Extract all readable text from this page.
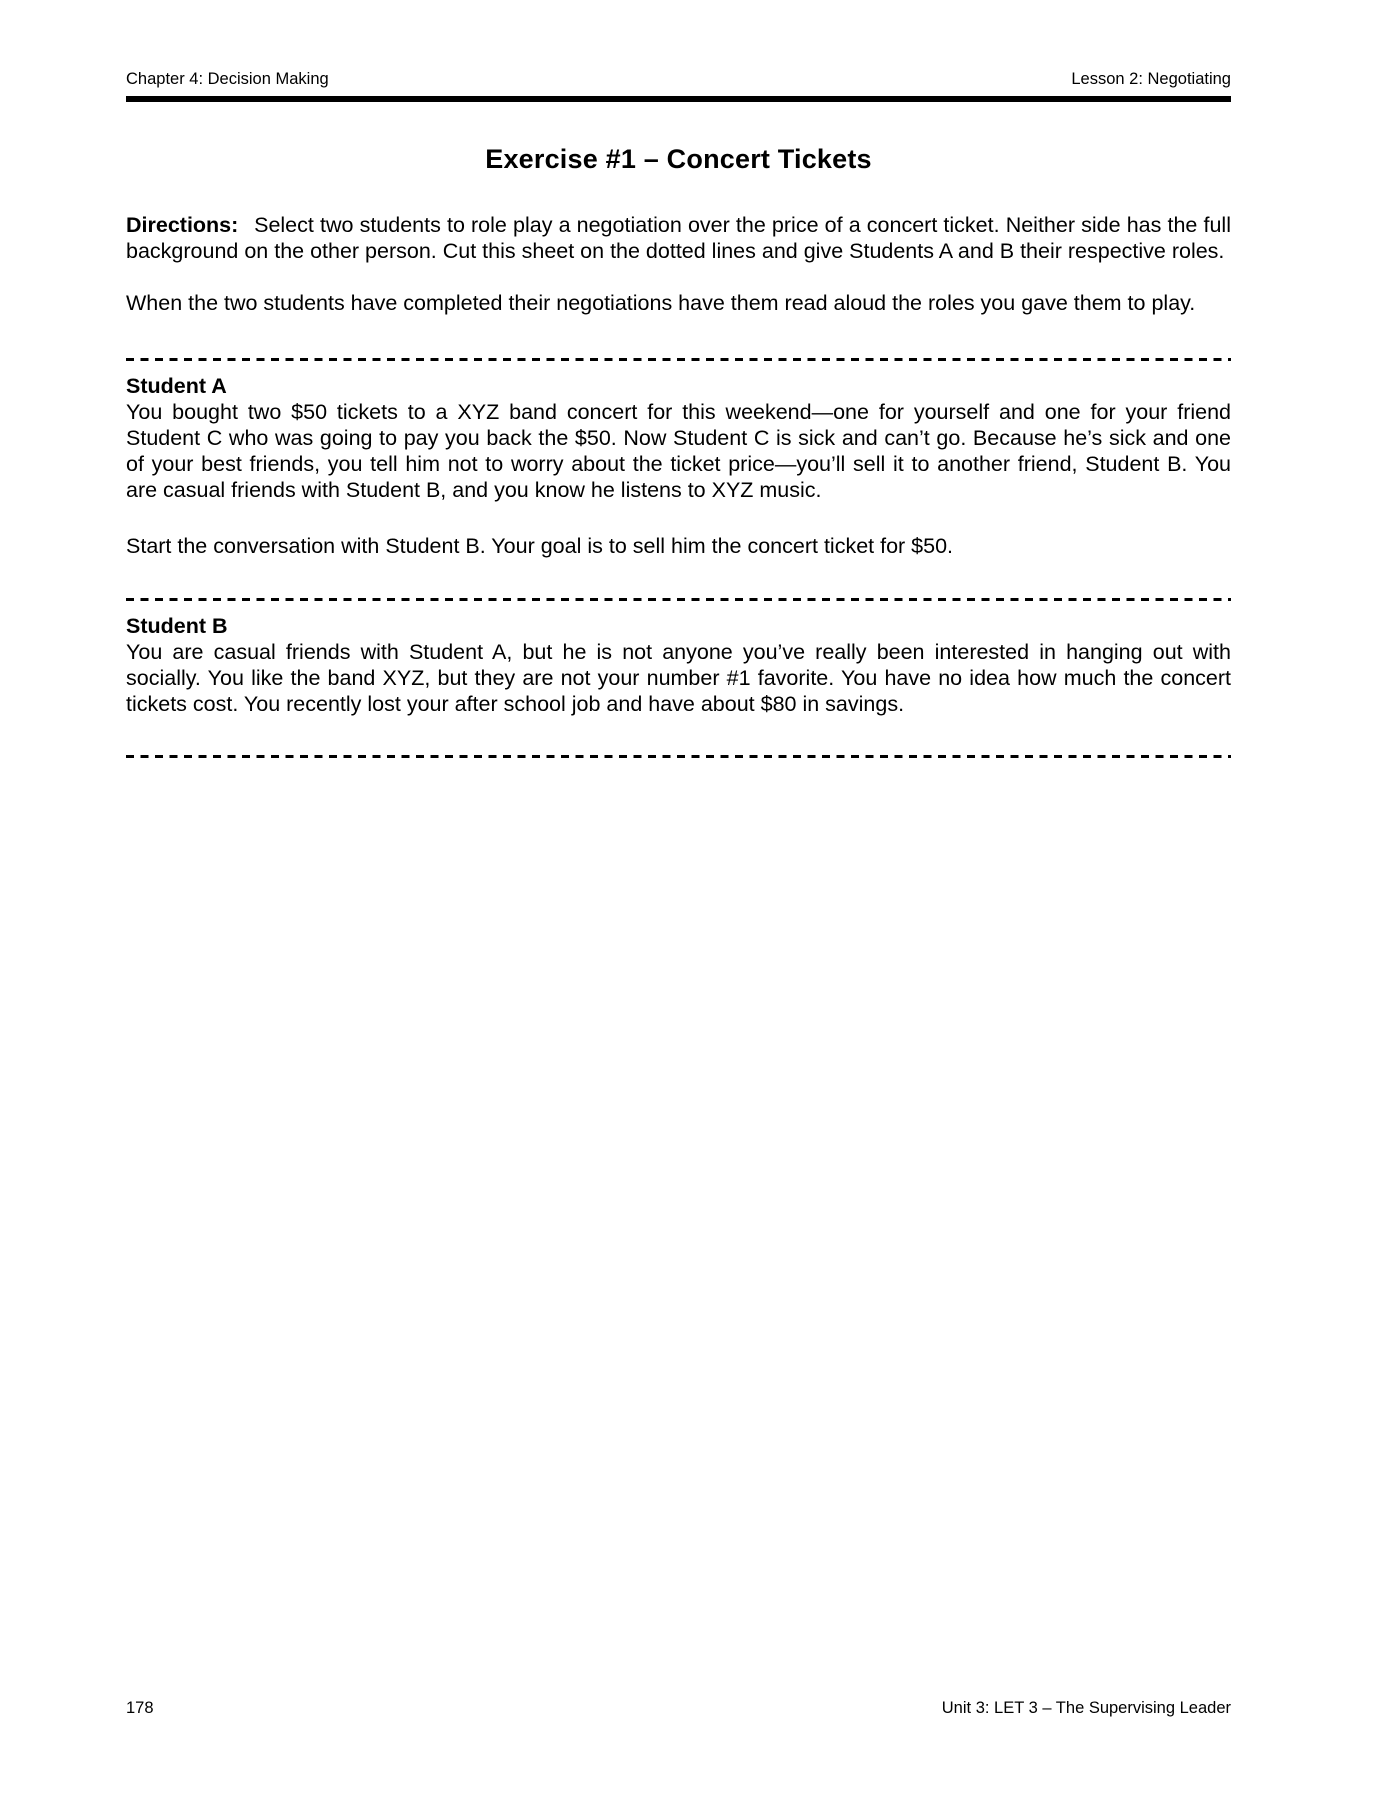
Chapter 4: Decision Making	Lesson 2: Negotiating
Exercise #1 – Concert Tickets

Directions: Select two students to role play a negotiation over the price of a concert ticket. Neither side has the full background on the other person. Cut this sheet on the dotted lines and give Students A and B their respective roles.

When the two students have completed their negotiations have them read aloud the roles you gave them to play.

Student A

You bought two $50 tickets to a XYZ band concert for this weekend—one for yourself and one for your friend Student C who was going to pay you back the $50. Now Student C is sick and can’t go. Because he’s sick and one of your best friends, you tell him not to worry about the ticket price—you’ll sell it to another friend, Student B. You are casual friends with Student B, and you know he listens to XYZ music.

Start the conversation with Student B. Your goal is to sell him the concert ticket for $50.

Student B

You are casual friends with Student A, but he is not anyone you’ve really been interested in hanging out with socially. You like the band XYZ, but they are not your number #1 favorite. You have no idea how much the concert tickets cost. You recently lost your after school job and have about $80 in savings.

178	Unit 3: LET 3 – The Supervising Leader
